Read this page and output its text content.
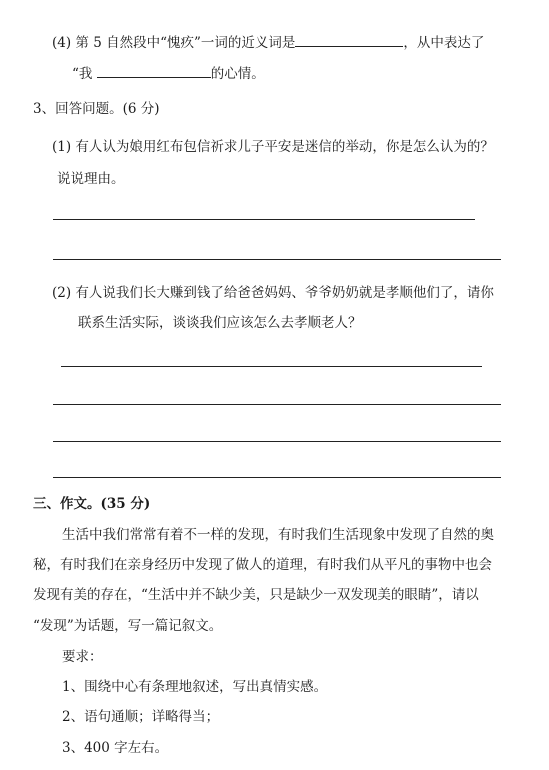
(4) 第 5 自然段中“愧疚”一词的近义词是	，从中表达了
“我	的心情。
3、回答问题。(6 分)
(1) 有人认为娘用红布包信祈求儿子平安是迷信的举动，你是怎么认为的？
说说理由。
(2) 有人说我们长大赚到钱了给爸爸妈妈、爷爷奶奶就是孝顺他们了，请你
联系生活实际，谈谈我们应该怎么去孝顺老人？
三、作文。(35 分)
生活中我们常常有着不一样的发现，有时我们生活现象中发现了自然的奥
秘，有时我们在亲身经历中发现了做人的道理，有时我们从平凡的事物中也会
发现有美的存在，“生活中并不缺少美，只是缺少一双发现美的眼睛”，请以
“发现”为话题，写一篇记叙文。
要求：
1、围绕中心有条理地叙述，写出真情实感。
2、语句通顺；详略得当；
3、400 字左右。
